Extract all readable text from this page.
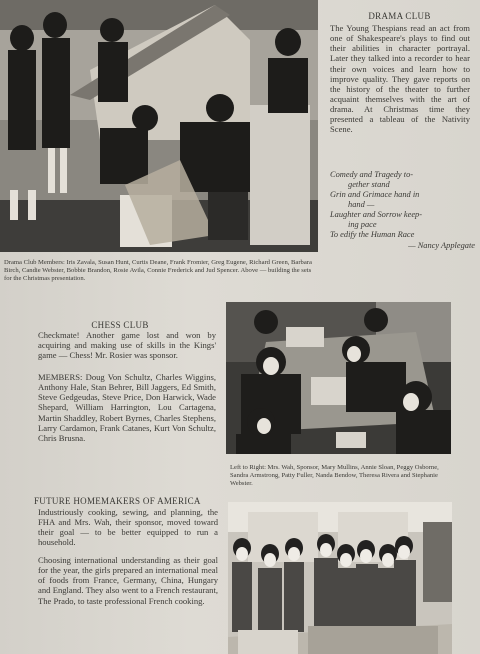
DRAMA CLUB
The Young Thespians read an act from one of Shakespeare's plays to find out their abilities in character portrayal. Later they talked into a recorder to hear their own voices and learn how to improve quality. They gave reports on the history of the theater to further acquaint themselves with the art of drama. At Christmas time they presented a tableau of the Nativity Scene.
Comedy and Tragedy to-
gether stand
Grin and Grimace hand in
hand —
Laughter and Sorrow keep-
ing pace
To edify the Human Race
— Nancy Applegate
Drama Club Members: Iris Zavala, Susan Hunt, Curtis Deane, Frank Fromier, Greg Eugene, Richard Green, Barbara Birch, Candie Webster, Bobbie Brandon, Rosie Avila, Connie Frederick and Jud Spencer. Above — building the sets for the Christmas presentation.
CHESS CLUB
Checkmate! Another game lost and won by acquiring and making use of skills in the Kings' game — Chess! Mr. Rosier was sponsor.
MEMBERS: Doug Von Schultz, Charles Wiggins, Anthony Hale, Stan Behrer, Bill Jaggers, Ed Smith, Steve Gedgeudas, Steve Price, Don Harwick, Wade Shepard, William Harrington, Lou Cartagena, Martin Shaddley, Robert Byrnes, Charles Stephens, Larry Cardamon, Frank Catanes, Kurt Von Schultz, Chris Brusna.
Left to Right: Mrs. Wah, Sponsor, Mary Mullins, Annie Sloan, Peggy Osborne, Sandra Armstrong, Patty Fuller, Nanda Bendow, Theresa Rivera and Stephanie Webster.
FUTURE HOMEMAKERS OF AMERICA
Industriously cooking, sewing, and planning, the FHA and Mrs. Wah, their sponsor, moved toward their goal — to be better equipped to run a household.
Choosing international understanding as their goal for the year, the girls prepared an international meal of foods from France, Germany, China, Hungary and England. They also went to a French restaurant, The Prado, to taste professional French cooking.
